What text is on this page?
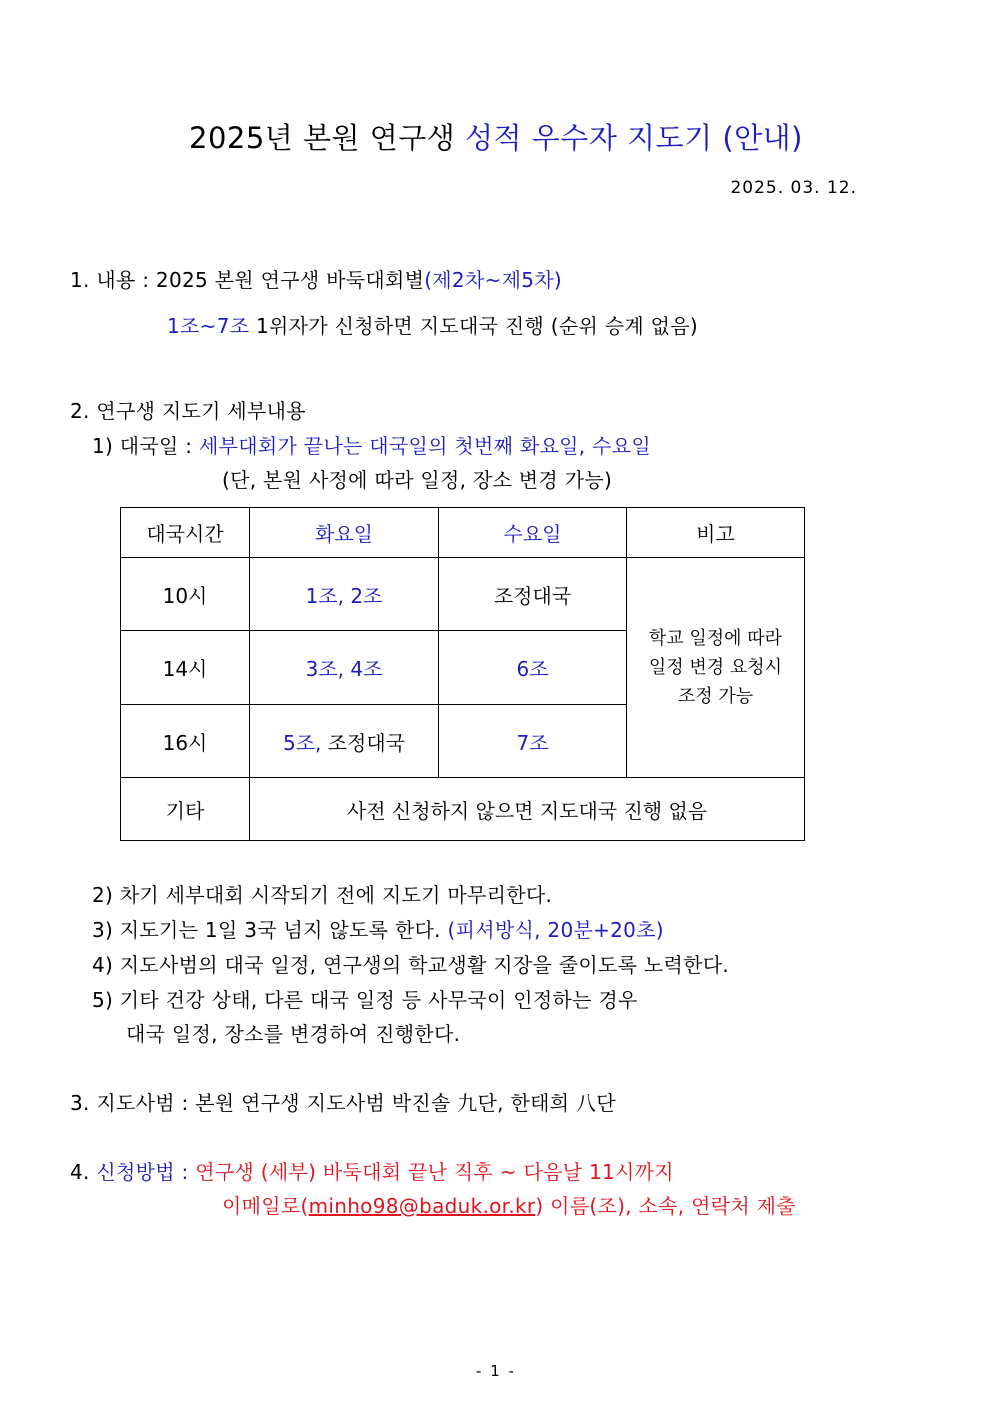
2025년 본원 연구생 성적 우수자 지도기 (안내)
2025. 03. 12.
1. 내용 : 2025 본원 연구생 바둑대회별(제2차~제5차)
1조~7조 1위자가 신청하면 지도대국 진행 (순위 승계 없음)
2. 연구생 지도기 세부내용
1) 대국일 : 세부대회가 끝나는 대국일의 첫번째 화요일, 수요일
(단, 본원 사정에 따라 일정, 장소 변경 가능)
대국시간	화요일	수요일	비고
10시	1조, 2조	조정대국	학교 일정에 따라
일정 변경 요청시
조정 가능

14시	3조, 4조	6조	
16시	5조, 조정대국	7조	
기타	사전 신청하지 않으면 지도대국 진행 없음		
2) 차기 세부대회 시작되기 전에 지도기 마무리한다.
3) 지도기는 1일 3국 넘지 않도록 한다. (피셔방식, 20분+20초)
4) 지도사범의 대국 일정, 연구생의 학교생활 지장을 줄이도록 노력한다.
5) 기타 건강 상태, 다른 대국 일정 등 사무국이 인정하는 경우
대국 일정, 장소를 변경하여 진행한다.
3. 지도사범 : 본원 연구생 지도사범 박진솔 九단, 한태희 八단
4. 신청방법 : 연구생 (세부) 바둑대회 끝난 직후 ~ 다음날 11시까지
이메일로(minho98@baduk.or.kr) 이름(조), 소속, 연락처 제출
- 1 -
